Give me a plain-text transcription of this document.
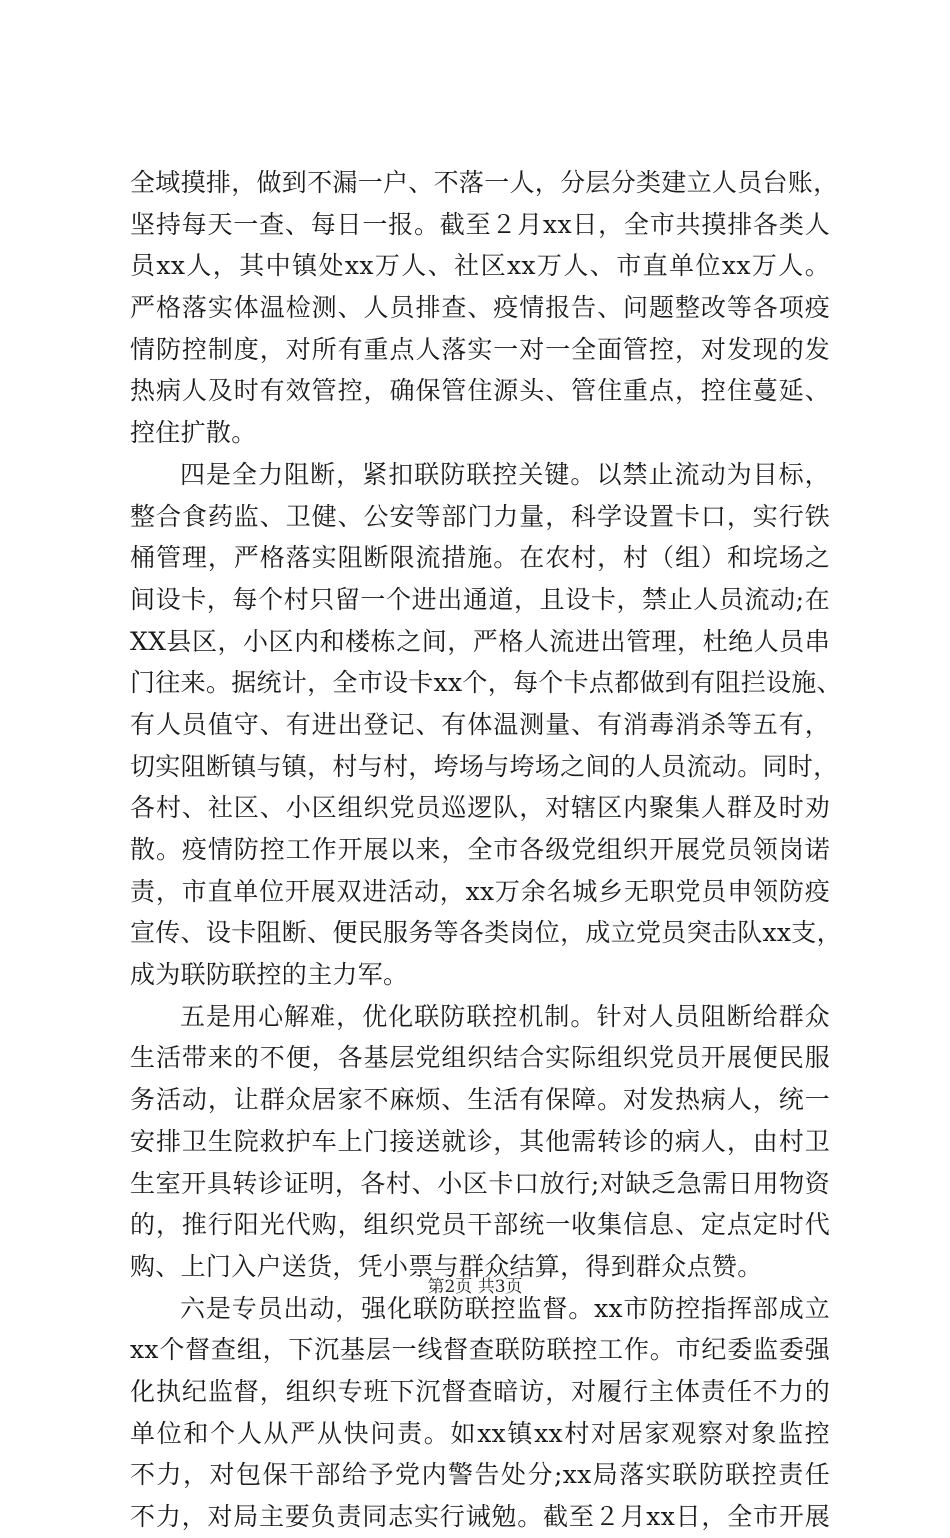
全域摸排，做到不漏一户、不落一人，分层分类建立人员台账，
坚持每天一查、每日一报。截至２月xx日，全市共摸排各类人
员xx人，其中镇处xx万人、社区xx万人、市直单位xx万人。
严格落实体温检测、人员排查、疫情报告、问题整改等各项疫
情防控制度，对所有重点人落实一对一全面管控，对发现的发
热病人及时有效管控，确保管住源头、管住重点，控住蔓延、
控住扩散。
四是全力阻断，紧扣联防联控关键。以禁止流动为目标，
整合食药监、卫健、公安等部门力量，科学设置卡口，实行铁
桶管理，严格落实阻断限流措施。在农村，村（组）和垸场之
间设卡，每个村只留一个进出通道，且设卡，禁止人员流动;在
XX县区，小区内和楼栋之间，严格人流进出管理，杜绝人员串
门往来。据统计，全市设卡xx个，每个卡点都做到有阻拦设施、
有人员值守、有进出登记、有体温测量、有消毒消杀等五有，
切实阻断镇与镇，村与村，垮场与垮场之间的人员流动。同时，
各村、社区、小区组织党员巡逻队，对辖区内聚集人群及时劝
散。疫情防控工作开展以来，全市各级党组织开展党员领岗诺
责，市直单位开展双进活动，xx万余名城乡无职党员申领防疫
宣传、设卡阻断、便民服务等各类岗位，成立党员突击队xx支，
成为联防联控的主力军。
五是用心解难，优化联防联控机制。针对人员阻断给群众
生活带来的不便，各基层党组织结合实际组织党员开展便民服
务活动，让群众居家不麻烦、生活有保障。对发热病人，统一
安排卫生院救护车上门接送就诊，其他需转诊的病人，由村卫
生室开具转诊证明，各村、小区卡口放行;对缺乏急需日用物资
的，推行阳光代购，组织党员干部统一收集信息、定点定时代
购、上门入户送货，凭小票与群众结算，得到群众点赞。
六是专员出动，强化联防联控监督。xx市防控指挥部成立
xx个督查组，下沉基层一线督查联防联控工作。市纪委监委强
化执纪监督，组织专班下沉督查暗访，对履行主体责任不力的
单位和个人从严从快问责。如xx镇xx村对居家观察对象监控
不力，对包保干部给予党内警告处分;xx局落实联防联控责任
不力，对局主要负责同志实行诫勉。截至２月xx日，全市开展
第2页 共3页
